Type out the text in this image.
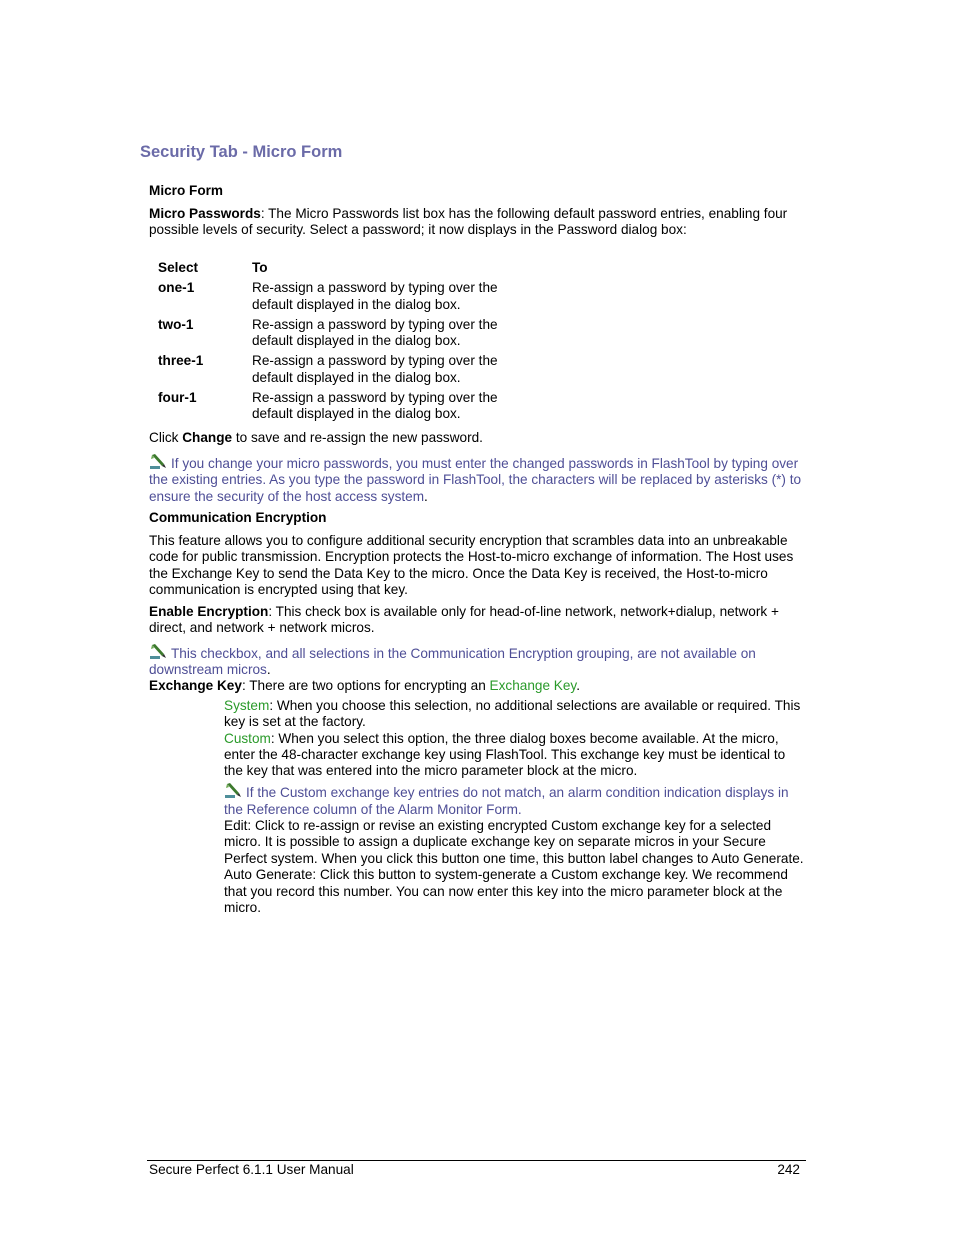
Security Tab - Micro Form

Micro Form

Micro Passwords: The Micro Passwords list box has the following default password entries, enabling four possible levels of security. Select a password; it now displays in the Password dialog box:

Select	To
one-1	Re-assign a password by typing over the default displayed in the dialog box.
two-1	Re-assign a password by typing over the default displayed in the dialog box.
three-1	Re-assign a password by typing over the default displayed in the dialog box.
four-1	Re-assign a password by typing over the default displayed in the dialog box.

Click Change to save and re-assign the new password.

If you change your micro passwords, you must enter the changed passwords in FlashTool by typing over the existing entries. As you type the password in FlashTool, the characters will be replaced by asterisks (*) to ensure the security of the host access system.

Communication Encryption

This feature allows you to configure additional security encryption that scrambles data into an unbreakable code for public transmission. Encryption protects the Host-to-micro exchange of information. The Host uses the Exchange Key to send the Data Key to the micro. Once the Data Key is received, the Host-to-micro communication is encrypted using that key.

Enable Encryption: This check box is available only for head-of-line network, network+dialup, network + direct, and network + network micros.

This checkbox, and all selections in the Communication Encryption grouping, are not available on downstream micros.

Exchange Key: There are two options for encrypting an Exchange Key.

System: When you choose this selection, no additional selections are available or required. This key is set at the factory.
Custom: When you select this option, the three dialog boxes become available. At the micro, enter the 48-character exchange key using FlashTool. This exchange key must be identical to the key that was entered into the micro parameter block at the micro.
If the Custom exchange key entries do not match, an alarm condition indication displays in the Reference column of the Alarm Monitor Form.
Edit: Click to re-assign or revise an existing encrypted Custom exchange key for a selected micro. It is possible to assign a duplicate exchange key on separate micros in your Secure Perfect system. When you click this button one time, this button label changes to Auto Generate.
Auto Generate: Click this button to system-generate a Custom exchange key. We recommend that you record this number. You can now enter this key into the micro parameter block at the micro.

Secure Perfect 6.1.1 User Manual	242
